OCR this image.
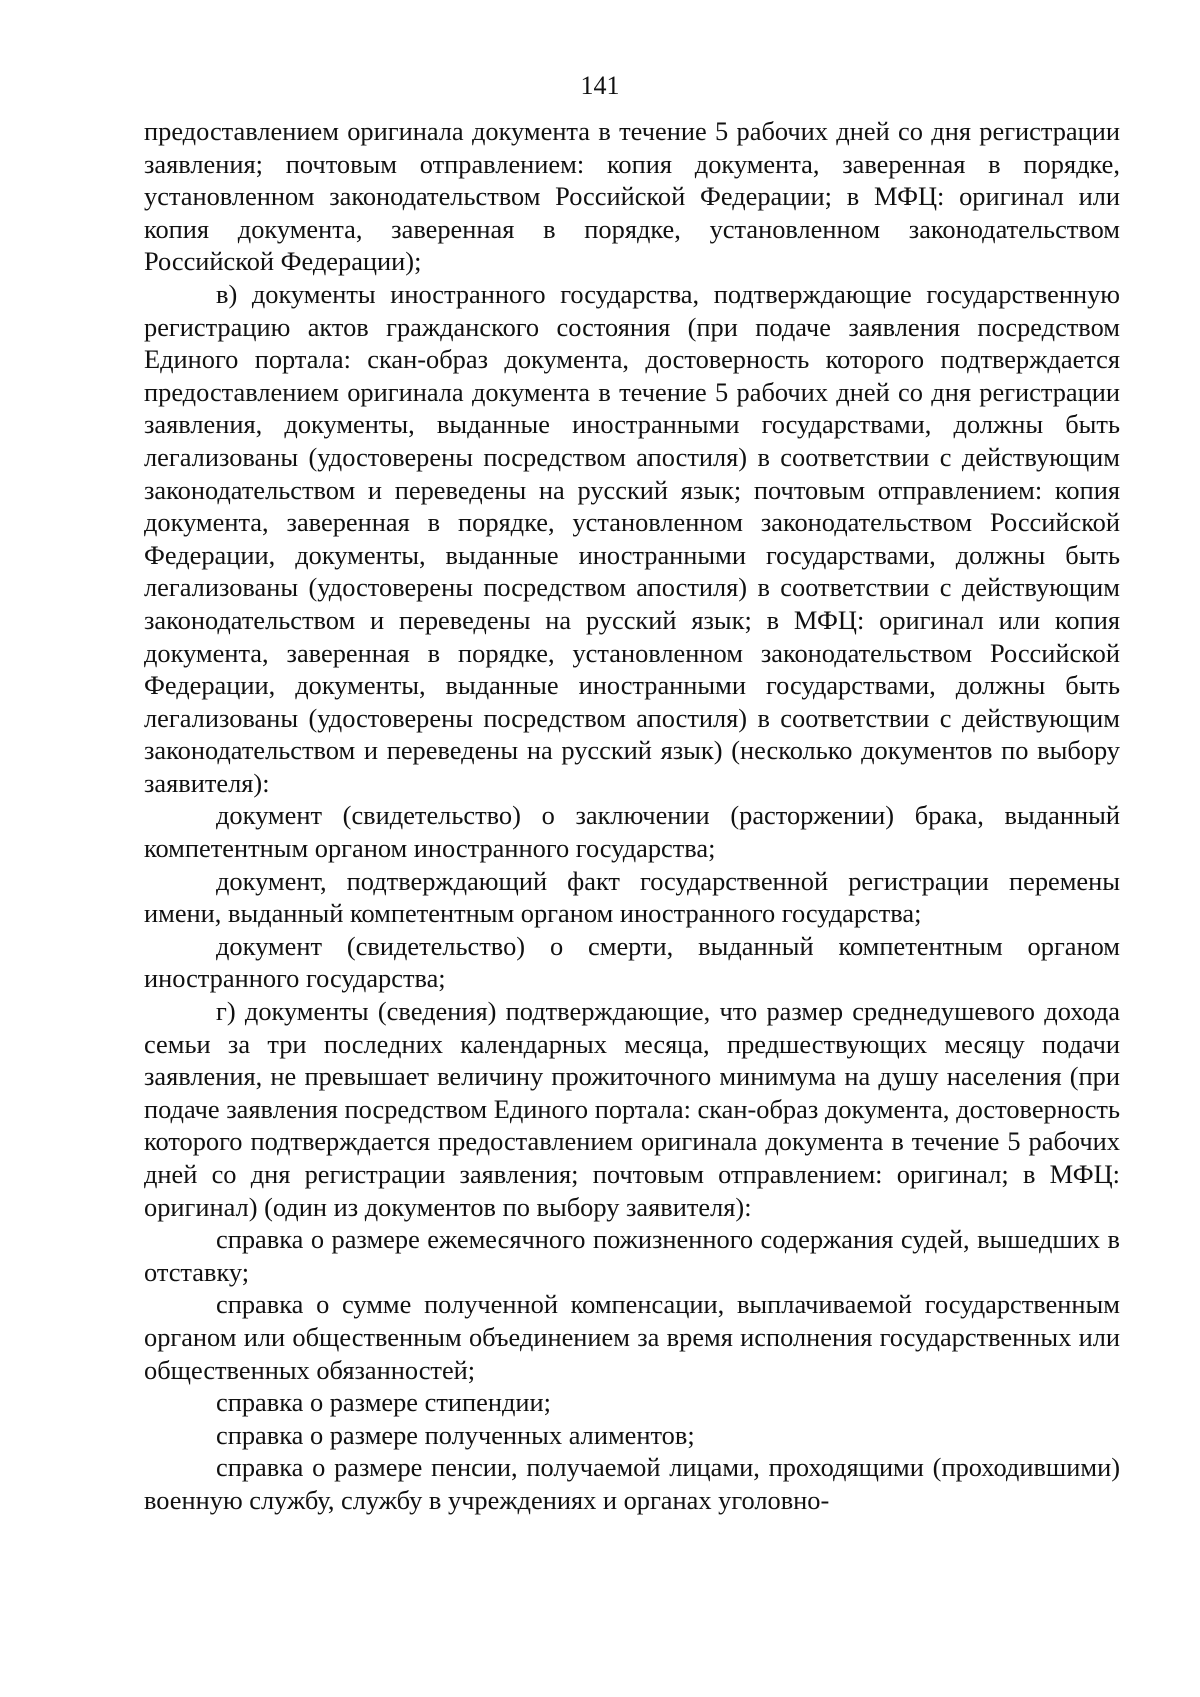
141

предоставлением оригинала документа в течение 5 рабочих дней со дня регистрации заявления; почтовым отправлением: копия документа, заверенная в порядке, установленном законодательством Российской Федерации; в МФЦ: оригинал или копия документа, заверенная в порядке, установленном законодательством Российской Федерации);

в) документы иностранного государства, подтверждающие государственную регистрацию актов гражданского состояния (при подаче заявления посредством Единого портала: скан-образ документа, достоверность которого подтверждается предоставлением оригинала документа в течение 5 рабочих дней со дня регистрации заявления, документы, выданные иностранными государствами, должны быть легализованы (удостоверены посредством апостиля) в соответствии с действующим законодательством и переведены на русский язык; почтовым отправлением: копия документа, заверенная в порядке, установленном законодательством Российской Федерации, документы, выданные иностранными государствами, должны быть легализованы (удостоверены посредством апостиля) в соответствии с действующим законодательством и переведены на русский язык; в МФЦ: оригинал или копия документа, заверенная в порядке, установленном законодательством Российской Федерации, документы, выданные иностранными государствами, должны быть легализованы (удостоверены посредством апостиля) в соответствии с действующим законодательством и переведены на русский язык) (несколько документов по выбору заявителя):

документ (свидетельство) о заключении (расторжении) брака, выданный компетентным органом иностранного государства;

документ, подтверждающий факт государственной регистрации перемены имени, выданный компетентным органом иностранного государства;

документ (свидетельство) о смерти, выданный компетентным органом иностранного государства;

г) документы (сведения) подтверждающие, что размер среднедушевого дохода семьи за три последних календарных месяца, предшествующих месяцу подачи заявления, не превышает величину прожиточного минимума на душу населения (при подаче заявления посредством Единого портала: скан-образ документа, достоверность которого подтверждается предоставлением оригинала документа в течение 5 рабочих дней со дня регистрации заявления; почтовым отправлением: оригинал; в МФЦ: оригинал) (один из документов по выбору заявителя):

справка о размере ежемесячного пожизненного содержания судей, вышедших в отставку;

справка о сумме полученной компенсации, выплачиваемой государственным органом или общественным объединением за время исполнения государственных или общественных обязанностей;

справка о размере стипендии;

справка о размере полученных алиментов;

справка о размере пенсии, получаемой лицами, проходящими (проходившими) военную службу, службу в учреждениях и органах уголовно-
